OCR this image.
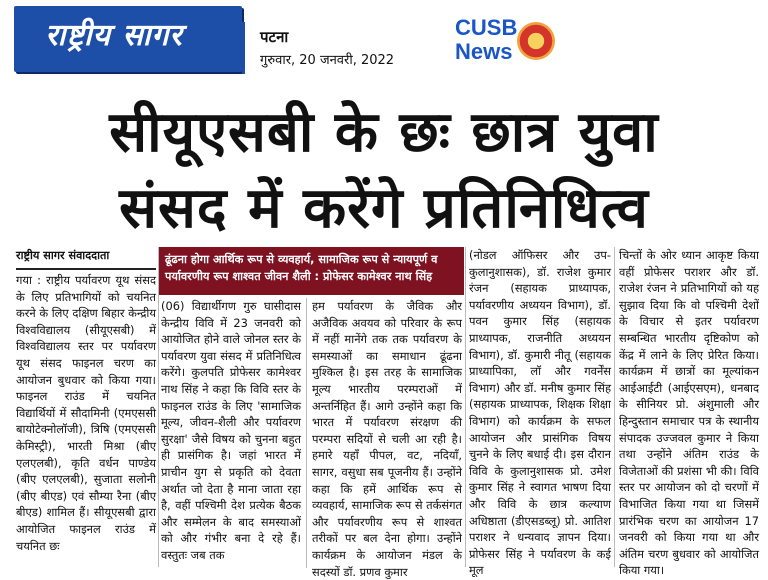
राष्ट्रीय सागर	पटना
गुरुवार, 20 जनवरी, 2022
CUSB
News
सीयूएसबी के छः छात्र युवा
संसद में करेंगे प्रतिनिधित्व
राष्ट्रीय सागर संवाददाता
गया : राष्ट्रीय पर्यावरण यूथ संसद के लिए प्रतिभागियों को चयनित करने के लिए दक्षिण बिहार केन्द्रीय विश्वविद्यालय (सीयूएसबी) में विश्वविद्यालय स्तर पर पर्यावरण यूथ संसद फाइनल चरण का आयोजन बुधवार को किया गया। फाइनल राउंड में चयनित विद्यार्थियों में सौदामिनी (एमएससी बायोटेक्नोलॉजी), त्रिषि (एमएससी केमिस्ट्री), भारती मिश्रा (बीए एलएलबी), कृति वर्धन पाण्डेय (बीए एलएलबी), सुजाता सलोनी (बीए बीएड) एवं सौम्या रैना (बीए बीएड) शामिल हैं। सीयूएसबी द्वारा आयोजित फाइनल राउंड में चयनित छः
ढूंढना होगा आर्थिक रूप से व्यवहार्य, सामाजिक रूप से न्यायपूर्ण व पर्यावरणीय रूप शाश्वत जीवन शैली : प्रोफेसर कामेश्वर नाथ सिंह
(06) विद्यार्थीगण गुरु घासीदास केन्द्रीय विवि में 23 जनवरी को आयोजित होने वाले जोनल स्तर के पर्यावरण युवा संसद में प्रतिनिधित्व करेंगे। कुलपति प्रोफेसर कामेश्वर नाथ सिंह ने कहा कि विवि स्तर के फाइनल राउंड के लिए 'सामाजिक मूल्य, जीवन-शैली और पर्यावरण सुरक्षा' जैसे विषय को चुनना बहुत ही प्रासंगिक है। जहां भारत में प्राचीन युग से प्रकृति को देवता अर्थात जो देता है माना जाता रहा है, वहीं पश्चिमी देश प्रत्येक बैठक और सम्मेलन के बाद समस्याओं को और गंभीर बना दे रहे हैं। वस्तुतः जब तक
हम पर्यावरण के जैविक और अजैविक अवयव को परिवार के रूप में नहीं मानेंगे तक तक पर्यावरण के समस्याओं का समाधान ढूंढना मुश्किल है। इस तरह के सामाजिक मूल्य भारतीय परम्पराओं में अन्तर्निहित हैं। आगे उन्होंने कहा कि भारत में पर्यावरण संरक्षण की परम्परा सदियों से चली आ रही है। हमारे यहाँ पीपल, वट, नदियाँ, सागर, वसुधा सब पूजनीय हैं। उन्होंने कहा कि हमें आर्थिक रूप से व्यवहार्य, सामाजिक रूप से तर्कसंगत और पर्यावरणीय रूप से शाश्वत तरीकों पर बल देना होगा। उन्होंने कार्यक्रम के आयोजन मंडल के सदस्यों डॉ. प्रणव कुमार
(नोडल ऑफिसर और उप-कुलानुशासक), डॉ. राजेश कुमार रंजन (सहायक प्राध्यापक, पर्यावरणीय अध्ययन विभाग), डॉ. पवन कुमार सिंह (सहायक प्राध्यापक, राजनीति अध्ययन विभाग), डॉ. कुमारी नीतू (सहायक प्राध्यापिका, लॉ और गवर्नेंस विभाग) और डॉ. मनीष कुमार सिंह (सहायक प्राध्यापक, शिक्षक शिक्षा विभाग) को कार्यक्रम के सफल आयोजन और प्रासंगिक विषय चुनने के लिए बधाई दी। इस दौरान विवि के कुलानुशासक प्रो. उमेश कुमार सिंह ने स्वागत भाषण दिया और विवि के छात्र कल्याण अधिष्ठाता (डीएसडब्लू) प्रो. आतिश पराशर ने धन्यवाद ज्ञापन दिया। प्रोफेसर सिंह ने पर्यावरण के कई मूल
चिन्तों के ओर ध्यान आकृष्ट किया वहीं प्रोफेसर पराशर और डॉ. राजेश रंजन ने प्रतिभागियों को यह सुझाव दिया कि वो पश्चिमी देशों के विचार से इतर पर्यावरण सम्बन्धित भारतीय दृष्टिकोण को केंद्र में लाने के लिए प्रेरित किया। कार्यक्रम में छात्रों का मूल्यांकन आईआईटी (आईएसएम), धनबाद के सीनियर प्रो. अंशुमाली और हिन्दुस्तान समाचार पत्र के स्थानीय संपादक उज्जवल कुमार ने किया तथा उन्होंने अंतिम राउंड के विजेताओं की प्रशंसा भी की। विवि स्तर पर आयोजन को दो चरणों में विभाजित किया गया था जिसमें प्रारंभिक चरण का आयोजन 17 जनवरी को किया गया था और अंतिम चरण बुधवार को आयोजित किया गया।
